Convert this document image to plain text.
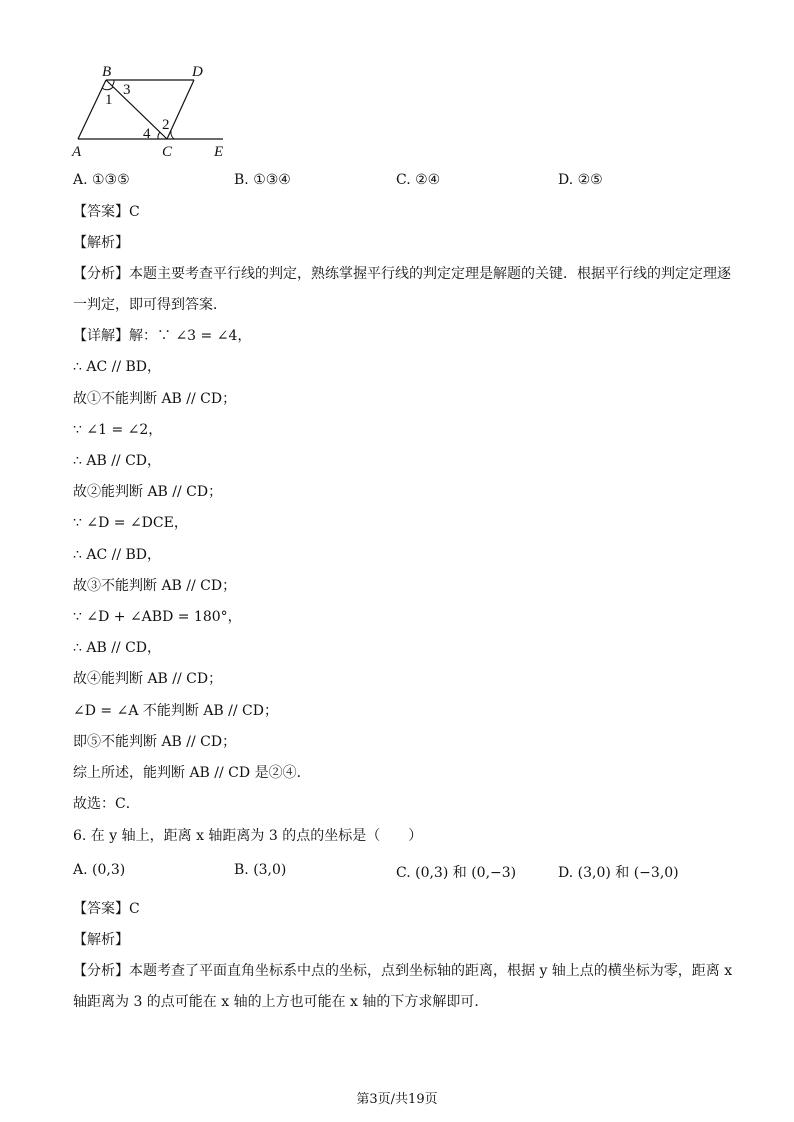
B	D
A	C	E
1
3
2
4
A. ①③⑤	B. ①③④	C. ②④	D. ②⑤
【答案】C
【解析】
【分析】本题主要考查平行线的判定，熟练掌握平行线的判定定理是解题的关键．根据平行线的判定定理逐
一判定，即可得到答案．
【详解】解：∵ ∠3 = ∠4，
∴ AC // BD，
故①不能判断 AB // CD；
∵ ∠1 = ∠2，
∴ AB // CD，
故②能判断 AB // CD；
∵ ∠D = ∠DCE，
∴ AC // BD，
故③不能判断 AB // CD；
∵ ∠D + ∠ABD = 180°，
∴ AB // CD，
故④能判断 AB // CD；
∠D = ∠A 不能判断 AB // CD；
即⑤不能判断 AB // CD；
综上所述，能判断 AB // CD 是②④．
故选：C．
6. 在 y 轴上，距离 x 轴距离为 3 的点的坐标是（　　）
A. (0,3)	B. (3,0)	C. (0,3) 和 (0,−3)	D. (3,0) 和 (−3,0)
【答案】C
【解析】
【分析】本题考查了平面直角坐标系中点的坐标，点到坐标轴的距离，根据 y 轴上点的横坐标为零，距离 x
轴距离为 3 的点可能在 x 轴的上方也可能在 x 轴的下方求解即可．
第3页/共19页
